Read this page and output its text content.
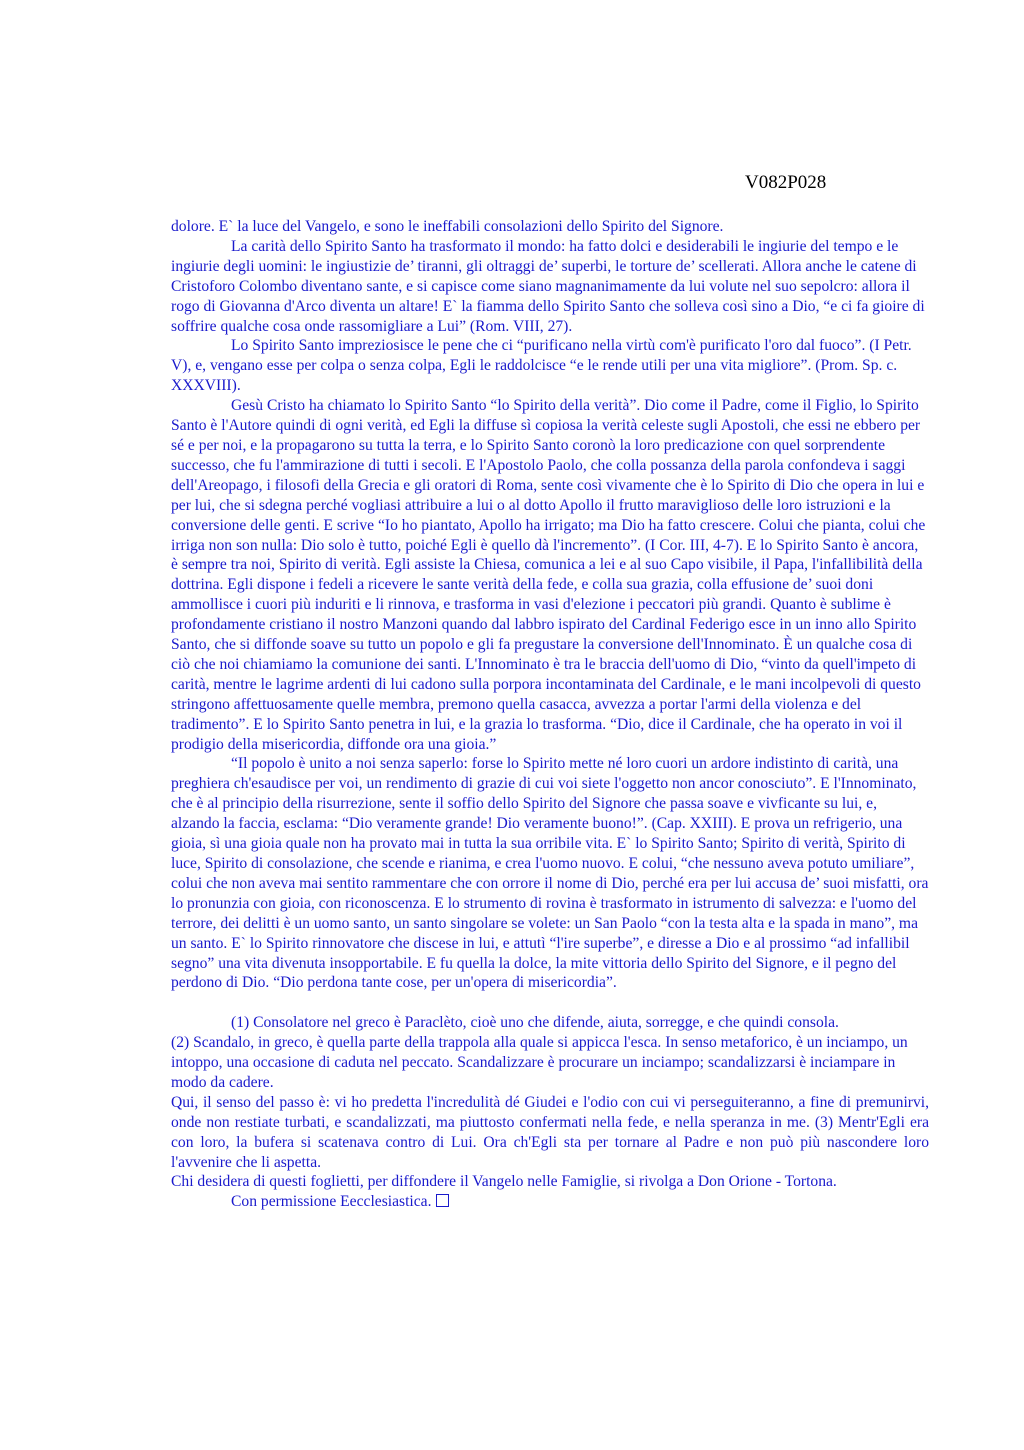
V082P028

dolore. E` la luce del Vangelo, e sono le ineffabili consolazioni dello Spirito del Signore.

La carità dello Spirito Santo ha trasformato il mondo: ha fatto dolci e desiderabili le ingiurie del tempo e le ingiurie degli uomini: le ingiustizie de’ tiranni, gli oltraggi de’ superbi, le torture de’ scellerati. Allora anche le catene di Cristoforo Colombo diventano sante, e si capisce come siano magnanimamente da lui volute nel suo sepolcro: allora il rogo di Giovanna d'Arco diventa un altare! E` la fiamma dello Spirito Santo che solleva così sino a Dio, “e ci fa gioire di soffrire qualche cosa onde rassomigliare a Lui” (Rom. VIII, 27).

Lo Spirito Santo impreziosisce le pene che ci “purificano nella virtù com'è purificato l'oro dal fuoco”. (I Petr. V), e, vengano esse per colpa o senza colpa, Egli le raddolcisce “e le rende utili per una vita migliore”. (Prom. Sp. c. XXXVIII).

Gesù Cristo ha chiamato lo Spirito Santo “lo Spirito della verità”. Dio come il Padre, come il Figlio, lo Spirito Santo è l'Autore quindi di ogni verità, ed Egli la diffuse sì copiosa la verità celeste sugli Apostoli, che essi ne ebbero per sé e per noi, e la propagarono su tutta la terra, e lo Spirito Santo coronò la loro predicazione con quel sorprendente successo, che fu l'ammirazione di tutti i secoli. E l'Apostolo Paolo, che colla possanza della parola confondeva i saggi dell'Areopago, i filosofi della Grecia e gli oratori di Roma, sente così vivamente che è lo Spirito di Dio che opera in lui e per lui, che si sdegna perché vogliasi attribuire a lui o al dotto Apollo il frutto maraviglioso delle loro istruzioni e la conversione delle genti. E scrive “Io ho piantato, Apollo ha irrigato; ma Dio ha fatto crescere. Colui che pianta, colui che irriga non son nulla: Dio solo è tutto, poiché Egli è quello dà l'incremento”. (I Cor. III, 4-7). E lo Spirito Santo è ancora, è sempre tra noi, Spirito di verità. Egli assiste la Chiesa, comunica a lei e al suo Capo visibile, il Papa, l'infallibilità della dottrina. Egli dispone i fedeli a ricevere le sante verità della fede, e colla sua grazia, colla effusione de’ suoi doni ammollisce i cuori più induriti e li rinnova, e trasforma in vasi d'elezione i peccatori più grandi. Quanto è sublime è profondamente cristiano il nostro Manzoni quando dal labbro ispirato del Cardinal Federigo esce in un inno allo Spirito Santo, che si diffonde soave su tutto un popolo e gli fa pregustare la conversione dell'Innominato. È un qualche cosa di ciò che noi chiamiamo la comunione dei santi. L'Innominato è tra le braccia dell'uomo di Dio, “vinto da quell'impeto di carità, mentre le lagrime ardenti di lui cadono sulla porpora incontaminata del Cardinale, e le mani incolpevoli di questo stringono affettuosamente quelle membra, premono quella casacca, avvezza a portar l'armi della violenza e del tradimento”. E lo Spirito Santo penetra in lui, e la grazia lo trasforma. “Dio, dice il Cardinale, che ha operato in voi il prodigio della misericordia, diffonde ora una gioia.”

“Il popolo è unito a noi senza saperlo: forse lo Spirito mette né loro cuori un ardore indistinto di carità, una preghiera ch'esaudisce per voi, un rendimento di grazie di cui voi siete l'oggetto non ancor conosciuto”. E l'Innominato, che è al principio della risurrezione, sente il soffio dello Spirito del Signore che passa soave e vivficante su lui, e, alzando la faccia, esclama: “Dio veramente grande! Dio veramente buono!”. (Cap. XXIII). E prova un refrigerio, una gioia, sì una gioia quale non ha provato mai in tutta la sua orribile vita. E` lo Spirito Santo; Spirito di verità, Spirito di luce, Spirito di consolazione, che scende e rianima, e crea l'uomo nuovo. E colui, “che nessuno aveva potuto umiliare”, colui che non aveva mai sentito rammentare che con orrore il nome di Dio, perché era per lui accusa de’ suoi misfatti, ora lo pronunzia con gioia, con riconoscenza. E lo strumento di rovina è trasformato in istrumento di salvezza: e l'uomo del terrore, dei delitti è un uomo santo, un santo singolare se volete: un San Paolo “con la testa alta e la spada in mano”, ma un santo. E` lo Spirito rinnovatore che discese in lui, e attutì “l'ire superbe”, e diresse a Dio e al prossimo “ad infallibil segno” una vita divenuta insopportabile. E fu quella la dolce, la mite vittoria dello Spirito del Signore, e il pegno del perdono di Dio. “Dio perdona tante cose, per un'opera di misericordia”.

(1) Consolatore nel greco è Paraclèto, cioè uno che difende, aiuta, sorregge, e che quindi consola.

(2) Scandalo, in greco, è quella parte della trappola alla quale si appicca l'esca. In senso metaforico, è un inciampo, un intoppo, una occasione di caduta nel peccato. Scandalizzare è procurare un inciampo; scandalizzarsi è inciampare in modo da cadere.

Qui, il senso del passo è: vi ho predetta l'incredulità dé Giudei e l'odio con cui vi perseguiteranno, a fine di premunirvi, onde non restiate turbati, e scandalizzati, ma piuttosto confermati nella fede, e nella speranza in me. (3) Mentr'Egli era con loro, la bufera si scatenava contro di Lui. Ora ch'Egli sta per tornare al Padre e non può più nascondere loro l'avvenire che li aspetta.

Chi desidera di questi foglietti, per diffondere il Vangelo nelle Famiglie, si rivolga a Don Orione - Tortona.

Con permissione Eecclesiastica.
